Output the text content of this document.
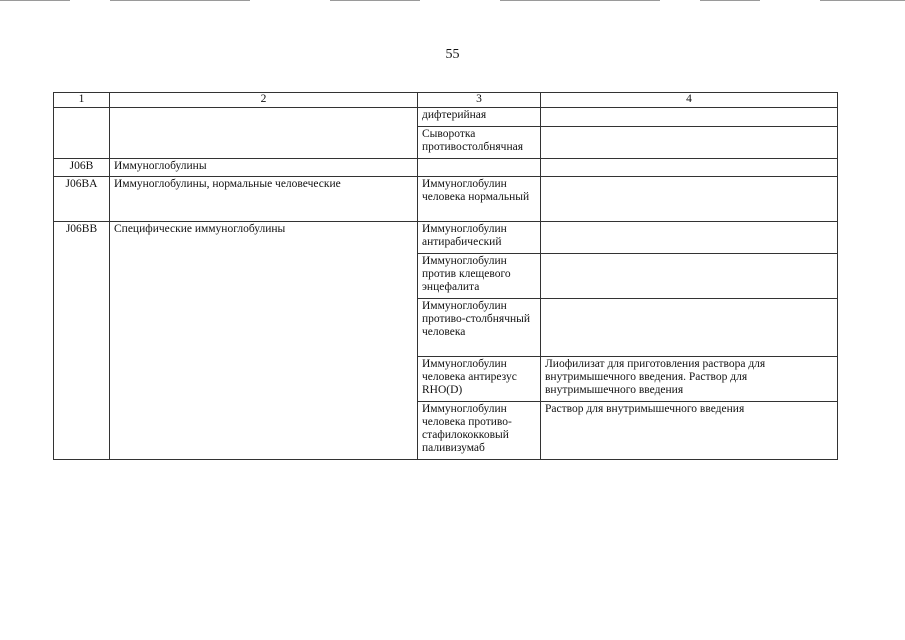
55
1	2	3	4
		дифтерийная	
		Сыворотка противостолбнячная	
J06B	Иммуноглобулины		
J06BA	Иммуноглобулины, нормальные человеческие	Иммуноглобулин человека нормальный	
J06BB	Специфические иммуноглобулины	Иммуноглобулин антирабический	
		Иммуноглобулин против клещевого энцефалита	
		Иммуноглобулин противо-столбнячный человека	
		Иммуноглобулин человека антирезус RHO(D)	Лиофилизат для приготовления раствора для внутримышечного введения. Раствор для внутримышечного введения
		Иммуноглобулин человека противо-стафилококковый паливизумаб	Раствор для внутримышечного введения
